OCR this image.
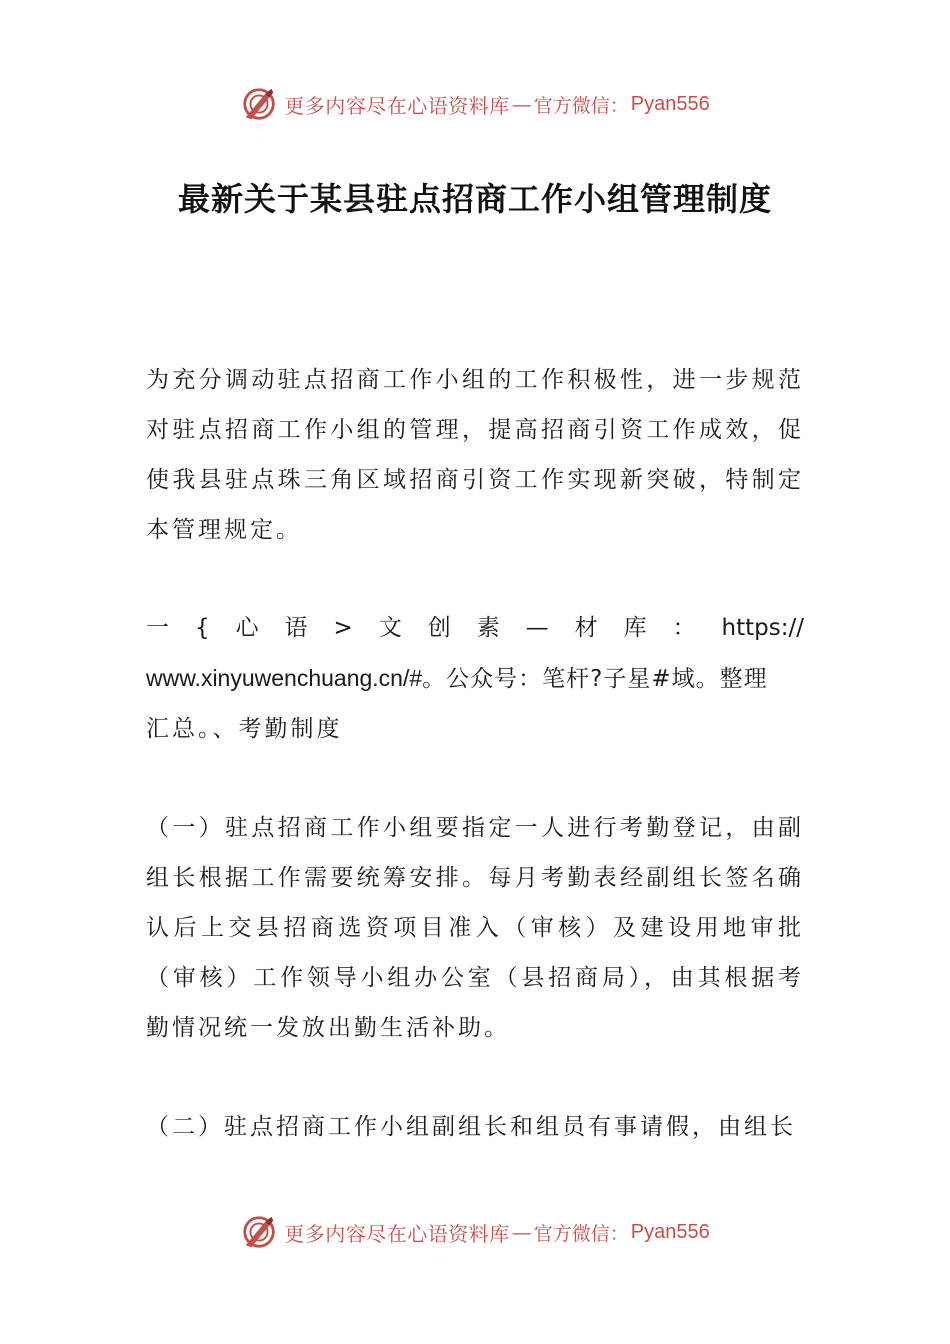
更多内容尽在心语资料库 — 官方微信： Pyan556
最新关于某县驻点招商工作小组管理制度
为充分调动驻点招商工作小组的工作积极性，进一步规范对驻点招商工作小组的管理，提高招商引资工作成效，促使我县驻点珠三角区域招商引资工作实现新突破，特制定本管理规定。
一{心语>文创素—材库：https://
www.xinyuwenchuang.cn/#。公众号：笔杆?子星#域。整理
汇总。、考勤制度
（一）驻点招商工作小组要指定一人进行考勤登记，由副组长根据工作需要统筹安排。每月考勤表经副组长签名确认后上交县招商选资项目准入（审核）及建设用地审批（审核）工作领导小组办公室（县招商局），由其根据考勤情况统一发放出勤生活补助。
（二）驻点招商工作小组副组长和组员有事请假，由组长
更多内容尽在心语资料库 — 官方微信： Pyan556
